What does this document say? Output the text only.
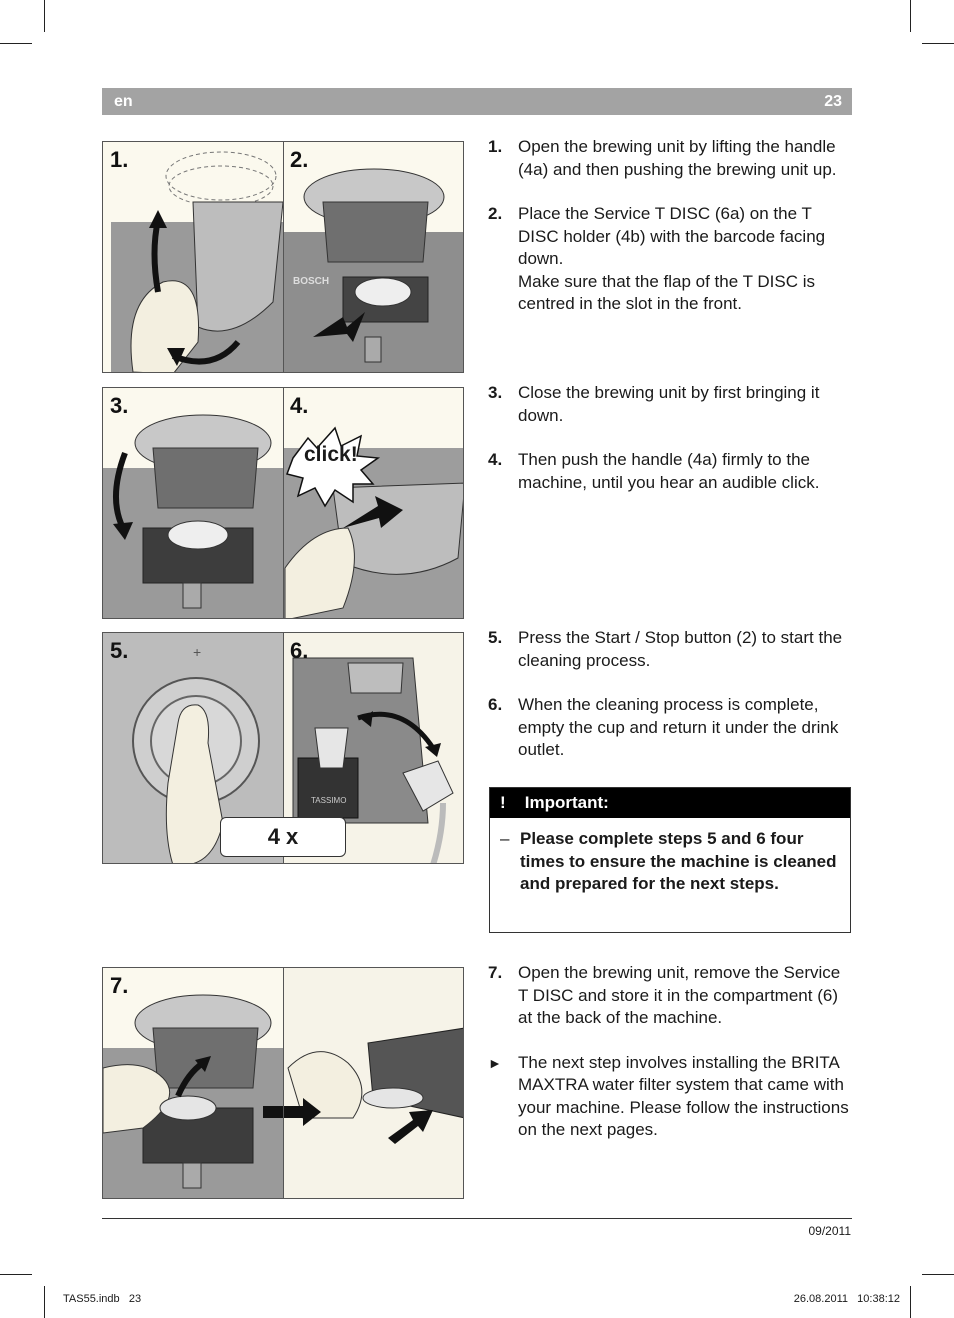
en	23
BOSCH
1.	2.
3.	4.
click!
+
TASSIMO
5.	6.
4 x
7.
1. Open the brewing unit by lifting the handle (4a) and then pushing the brewing unit up.
2. Place the Service T DISC (6a) on the T DISC holder (4b) with the barcode facing down.
Make sure that the flap of the T DISC is centred in the slot in the front.
3. Close the brewing unit by first bringing it down.
4. Then push the handle (4a) firmly to the machine, until you hear an audible click.
5. Press the Start / Stop button (2) to start the cleaning process.
6. When the cleaning process is complete, empty the cup and return it under the drink outlet.
! Important:
– Please complete steps 5 and 6 four times to ensure the machine is cleaned and prepared for the next steps.
7. Open the brewing unit, remove the Service T DISC and store it in the compartment (6) at the back of the machine.
► The next step involves installing the BRITA MAXTRA water filter system that came with your machine. Please follow the instructions on the next pages.
09/2011
TAS55.indb   23	26.08.2011   10:38:12
